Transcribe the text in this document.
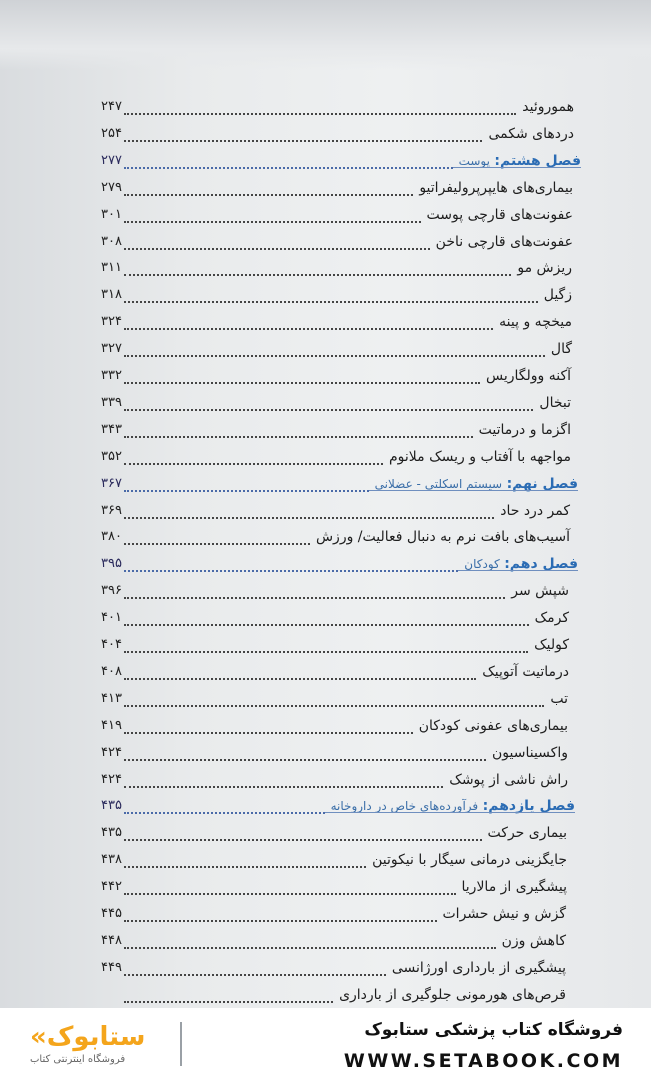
۲۴۷	هموروئید
۲۵۴	دردهای شکمی
۲۷۷	فصل هشتم: پوست
۲۷۹	بیماری‌های هایپرپرولیفراتیو
۳۰۱	عفونت‌های قارچی پوست
۳۰۸	عفونت‌های قارچی ناخن
۳۱۱	ریزش مو
۳۱۸	زگیل
۳۲۴	میخچه و پینه
۳۲۷	گال
۳۳۲	آکنه وولگاریس
۳۳۹	تبخال
۳۴۳	اگزما و درماتیت
۳۵۲	مواجهه با آفتاب و ریسک ملانوم
۳۶۷	فصل نهم: سیستم اسکلتی - عضلانی
۳۶۹	کمر درد حاد
۳۸۰	آسیب‌های بافت نرم به دنبال فعالیت/ ورزش
۳۹۵	فصل دهم: کودکان
۳۹۶	شپش سر
۴۰۱	کرمک
۴۰۴	کولیک
۴۰۸	درماتیت آتوپیک
۴۱۳	تب
۴۱۹	بیماری‌های عفونی کودکان
۴۲۴	واکسیناسیون
۴۲۴	راش ناشی از پوشک
۴۳۵	فصل یازدهم: فرآورده‌های خاص در داروخانه
۴۳۵	بیماری حرکت
۴۳۸	جایگزینی درمانی سیگار با نیکوتین
۴۴۲	پیشگیری از مالاریا
۴۴۵	گزش و نیش حشرات
۴۴۸	کاهش وزن
۴۴۹	پیشگیری از بارداری اورژانسی
قرص‌های هورمونی جلوگیری از بارداری
«ستابوک
فروشگاه اینترنتی کتاب
فروشگاه کتاب پزشکی ستابوک
WWW.SETABOOK.COM
